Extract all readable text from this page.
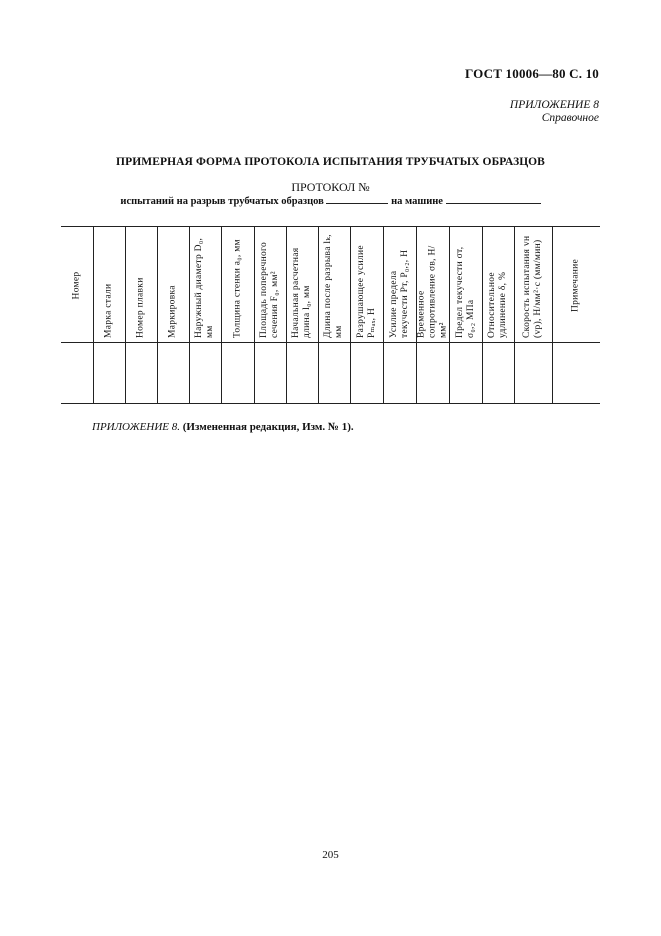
ГОСТ 10006—80 С. 10
ПРИЛОЖЕНИЕ 8
Справочное
ПРИМЕРНАЯ ФОРМА ПРОТОКОЛА ИСПЫТАНИЯ ТРУБЧАТЫХ ОБРАЗЦОВ
ПРОТОКОЛ №
испытаний на разрыв трубчатых образцов	на машине
Номер Марка стали Номер плавки Маркировка Наружный диаметр D₀, мм Толщина стенки a₀, мм Площадь поперечного сечения F₀, мм² Начальная расчетная длина l₀, мм Длина после разрыва lₖ, мм Разрушающее усилие Pₘₐₓ, Н Усилие предела текучести Pт, P₀,₂, Н Временное сопротивление σв, Н/мм² Предел текучести σт, σ₀,₂ МПа Относительное удлинение δ, % Скорость испытания vн (vр), Н/мм²·с (мм/мин)	Примечание
ПРИЛОЖЕНИЕ 8. (Измененная редакция, Изм. № 1).
205
